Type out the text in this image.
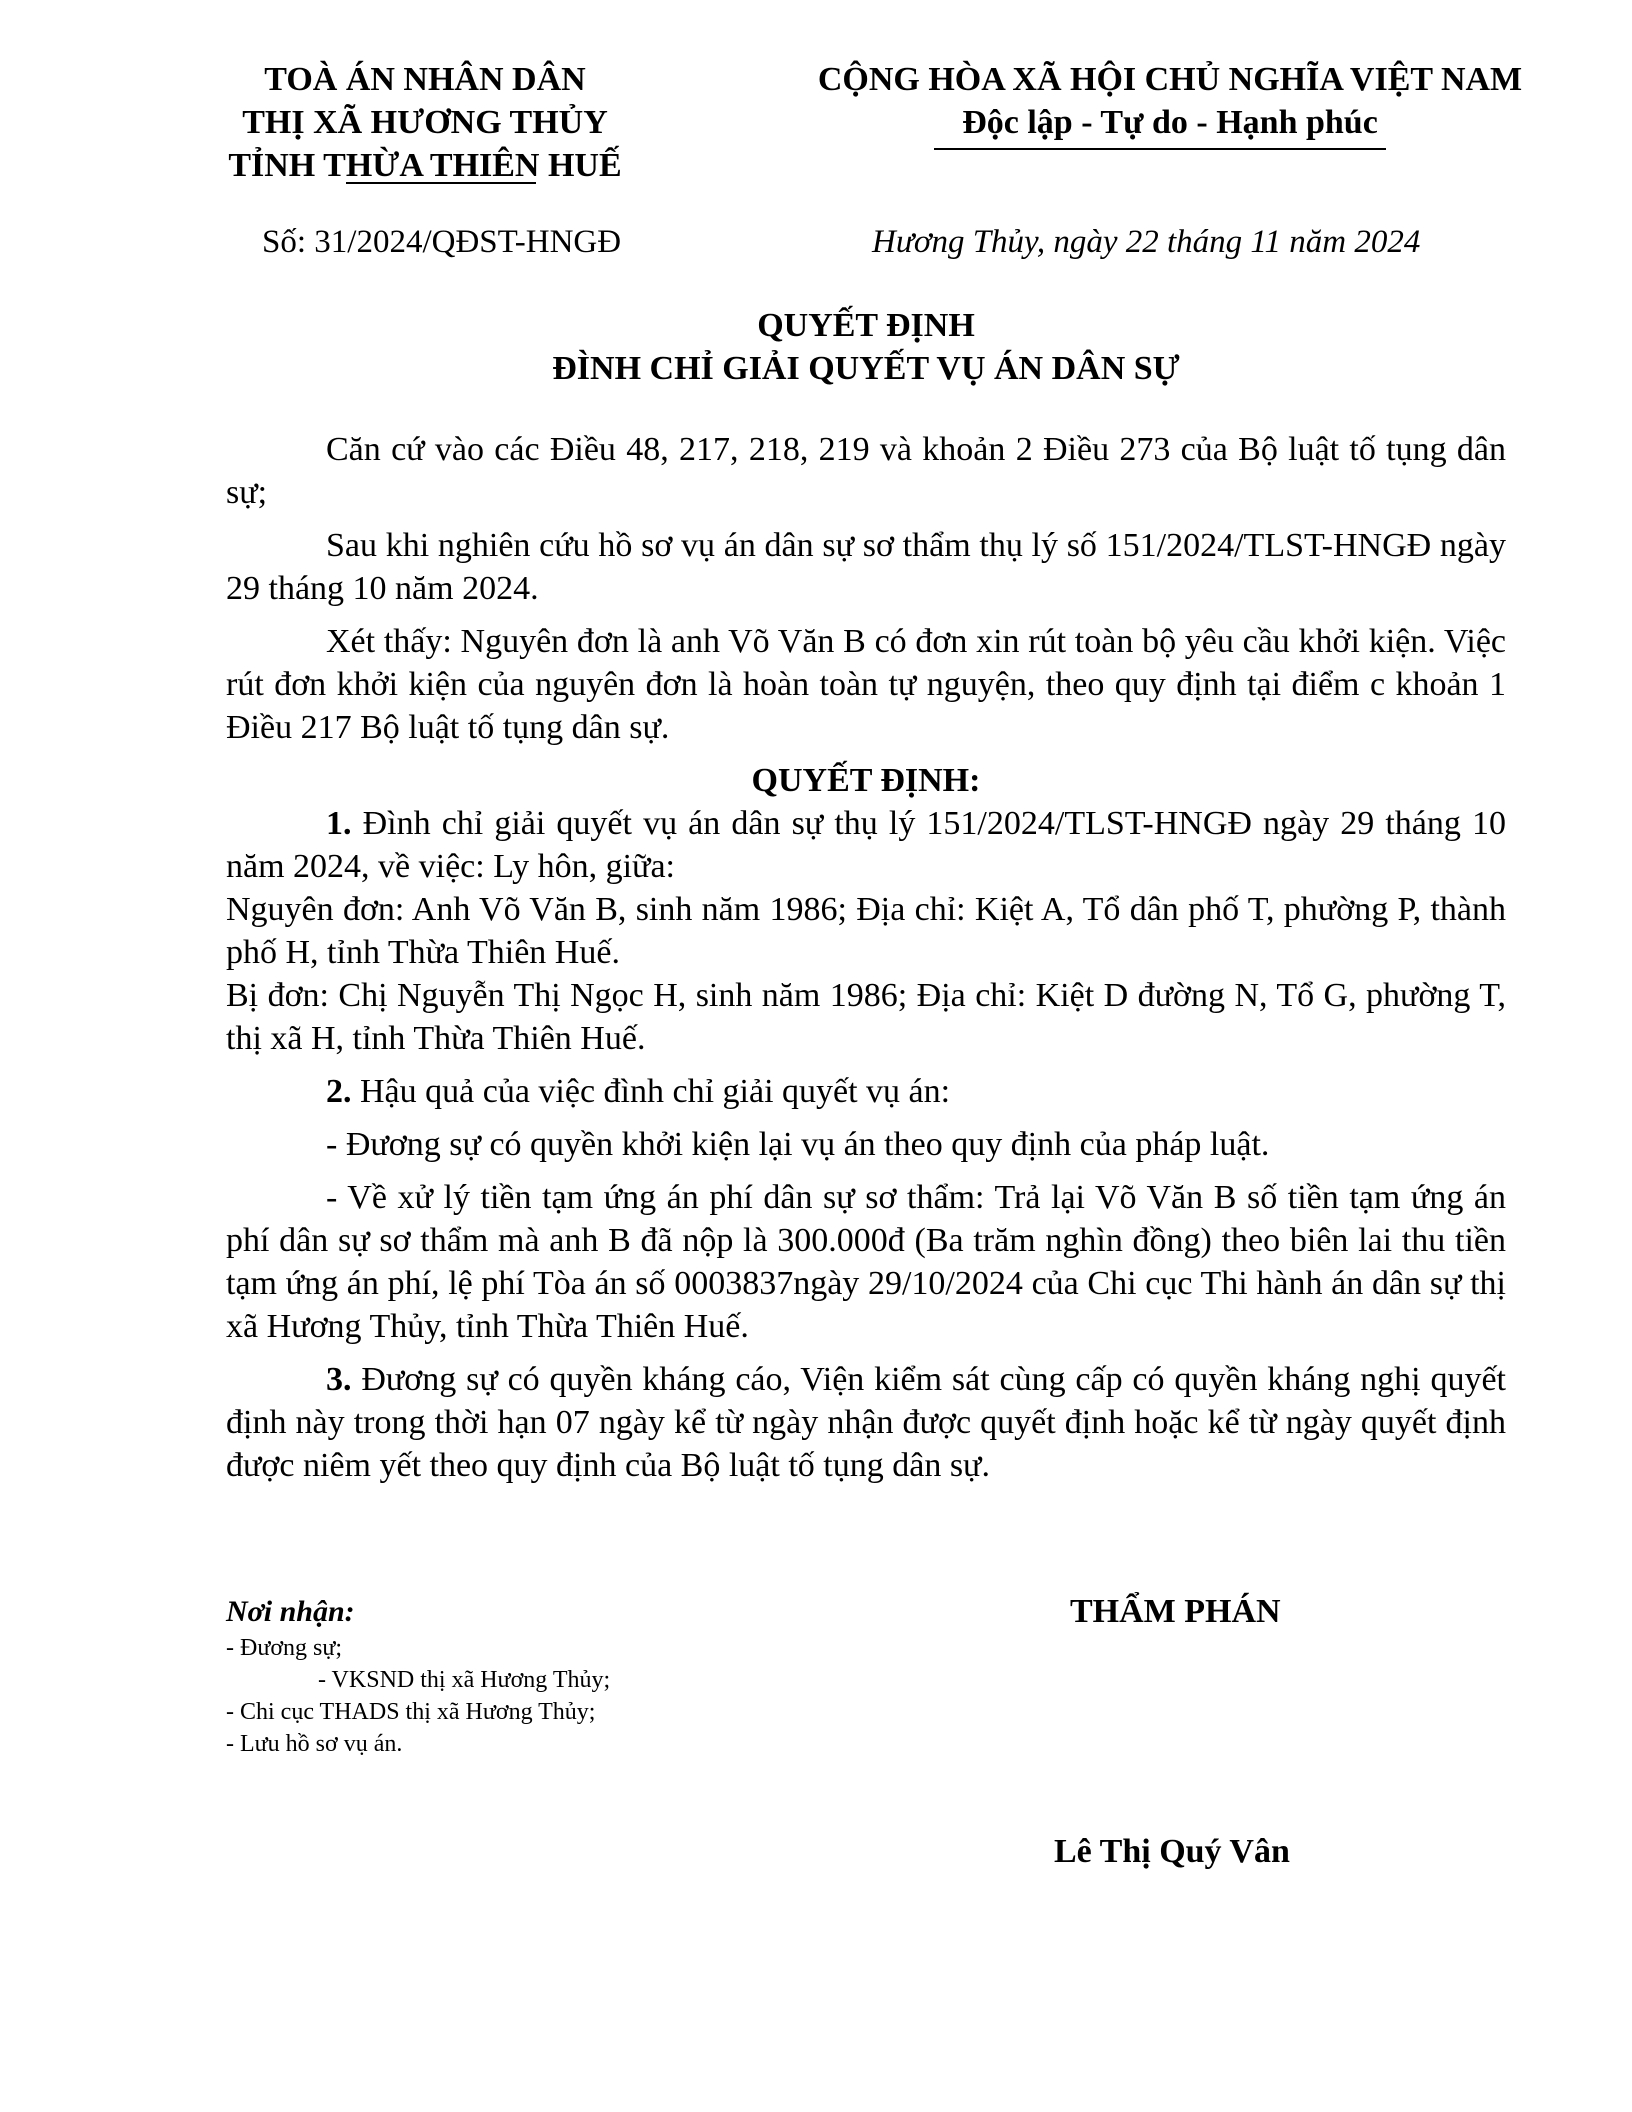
TOÀ ÁN NHÂN DÂN
THỊ XÃ HƯƠNG THỦY
TỈNH THỪA THIÊN HUẾ
CỘNG HÒA XÃ HỘI CHỦ NGHĨA VIỆT NAM
Độc lập - Tự do - Hạnh phúc
Số: 31/2024/QĐST-HNGĐ	Hương Thủy, ngày 22 tháng 11 năm 2024
QUYẾT ĐỊNH
ĐÌNH CHỈ GIẢI QUYẾT VỤ ÁN DÂN SỰ

Căn cứ vào các Điều 48, 217, 218, 219 và khoản 2 Điều 273 của Bộ luật tố tụng dân sự;

Sau khi nghiên cứu hồ sơ vụ án dân sự sơ thẩm thụ lý số 151/2024/TLST-HNGĐ ngày 29 tháng 10 năm 2024.

Xét thấy: Nguyên đơn là anh Võ Văn B có đơn xin rút toàn bộ yêu cầu khởi kiện. Việc rút đơn khởi kiện của nguyên đơn là hoàn toàn tự nguyện, theo quy định tại điểm c khoản 1 Điều 217 Bộ luật tố tụng dân sự.

QUYẾT ĐỊNH:

1. Đình chỉ giải quyết vụ án dân sự thụ lý 151/2024/TLST-HNGĐ ngày 29 tháng 10 năm 2024, về việc: Ly hôn, giữa:

Nguyên đơn: Anh Võ Văn B, sinh năm 1986; Địa chỉ: Kiệt A, Tổ dân phố T, phường P, thành phố H, tỉnh Thừa Thiên Huế.

Bị đơn: Chị Nguyễn Thị Ngọc H, sinh năm 1986; Địa chỉ: Kiệt D đường N, Tổ G, phường T, thị xã H, tỉnh Thừa Thiên Huế.

2. Hậu quả của việc đình chỉ giải quyết vụ án:

- Đương sự có quyền khởi kiện lại vụ án theo quy định của pháp luật.

- Về xử lý tiền tạm ứng án phí dân sự sơ thẩm: Trả lại Võ Văn B số tiền tạm ứng án phí dân sự sơ thẩm mà anh B đã nộp là 300.000đ (Ba trăm nghìn đồng) theo biên lai thu tiền tạm ứng án phí, lệ phí Tòa án số 0003837ngày 29/10/2024 của Chi cục Thi hành án dân sự thị xã Hương Thủy, tỉnh Thừa Thiên Huế.

3. Đương sự có quyền kháng cáo, Viện kiểm sát cùng cấp có quyền kháng nghị quyết định này trong thời hạn 07 ngày kể từ ngày nhận được quyết định hoặc kể từ ngày quyết định được niêm yết theo quy định của Bộ luật tố tụng dân sự.

Nơi nhận:
- Đương sự;
- VKSND thị xã Hương Thủy;
- Chi cục THADS thị xã Hương Thủy;
- Lưu hồ sơ vụ án.
THẨM PHÁN
Lê Thị Quý Vân
